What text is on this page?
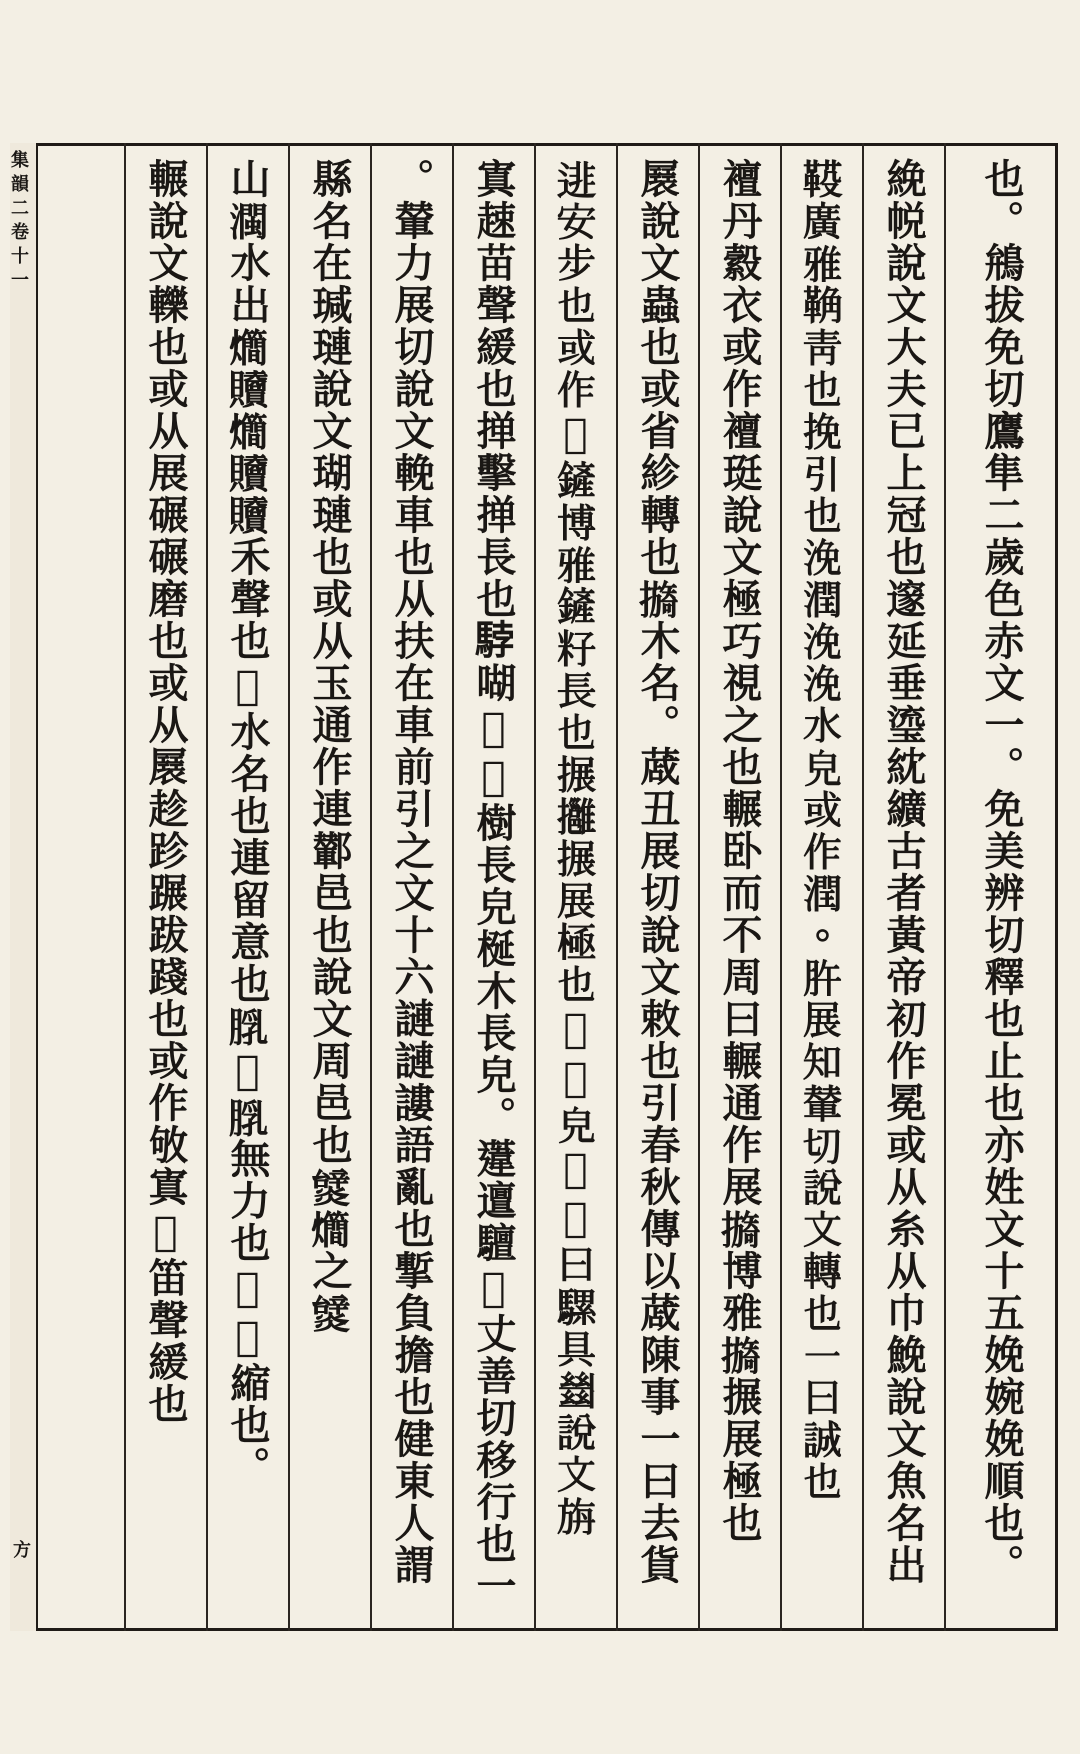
集韻二卷十一
方	也。鴘拔免切鷹隼二歲色赤文一。免美辨切釋也止也亦姓文十五娩婉娩順也。
絻帨說文大夫已上冠也邃延垂瑬紞纊古者黃帝初作冕或从糸从巾鮸說文魚名出
𩋐廣雅𩊺靑也挽引也浼潤浼浼水皃或作潤。㬳展知輦切說文轉也一曰誠也
襢丹縠衣或作襢珽說文極巧視之也輾卧而不周曰輾通作展𢷔博雅𢷔搌展極也
㞡說文蟲也或省紾轉也𢷔木名。蒧丑展切說文敕也引春秋傳以蒧陳事一曰去貨
𨓿安步也或作𨖩鏟博雅鏟籽長也搌𢹬搌展極也𩢏𩢏皃𩢥𩢥曰騾具𢇍說文旃
寘趚苗聲緩也掸擊掸長也𩣡㗅𩠈𩠈樹長皃梴木長皃。𨗨邅驙𡏻丈善切移行也一
。輦力展切說文輓車也从扶在車前引之文十六謰謰謱語亂也㨻負擔也健東人謂
縣名在瑊璉說文瑚璉也或从玉通作連鄻邑也說文周邑也𤒞𤓃之𤒞
山𤁝水出𤓃𧹎𤓃𧹎𧹎禾聲也𡎦水名也連留意也𦜘𦛣𦜘無力也𩍐𩍐縮也。
輾說文轢也或从展碾碾磨也或从㞡趁跈蹍跋踐也或作敂寘𢵘笛聲緩也
